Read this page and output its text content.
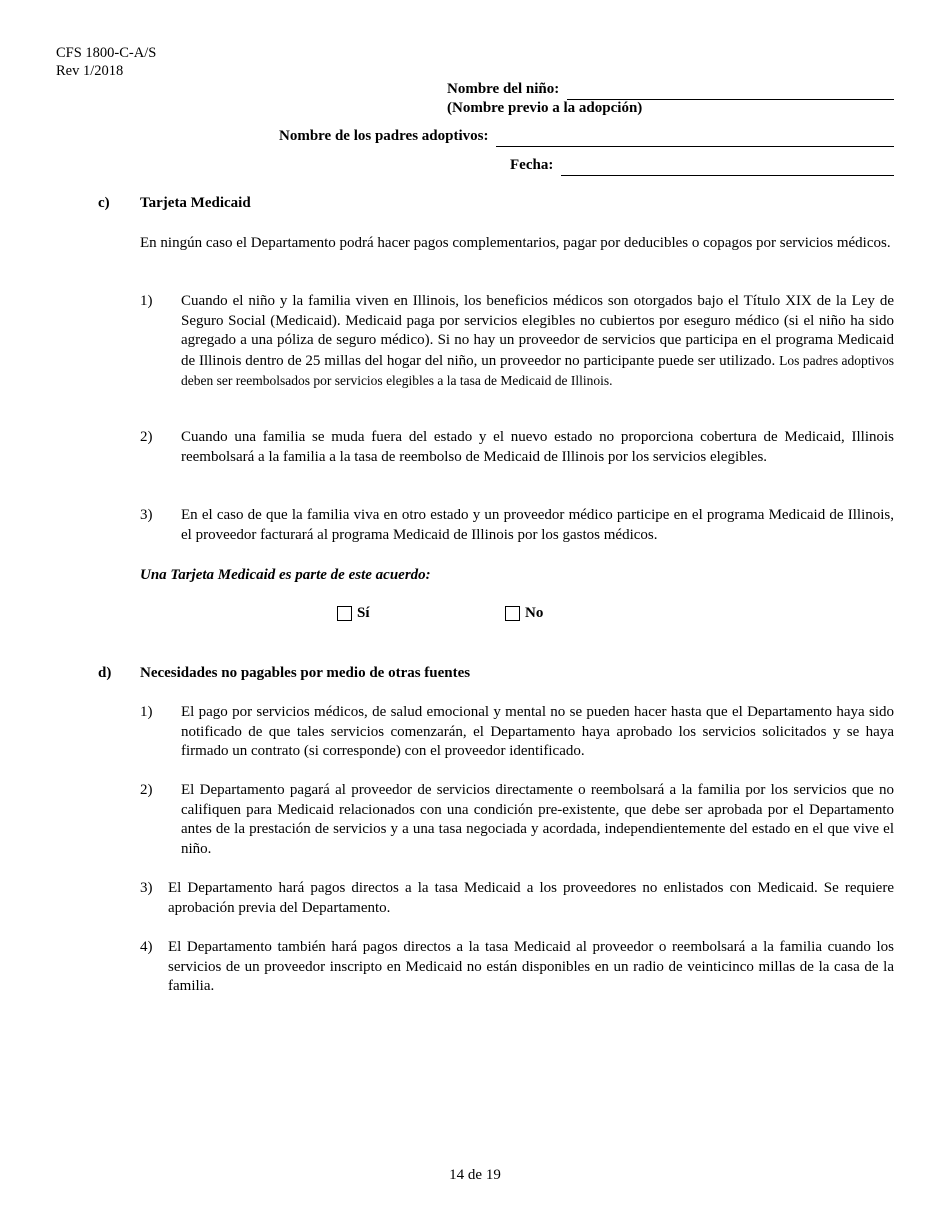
CFS 1800-C-A/S
Rev 1/2018
Nombre del niño:
(Nombre previo a la adopción)
Nombre de los padres adoptivos:
Fecha:
c) Tarjeta Medicaid
En ningún caso el Departamento podrá hacer pagos complementarios, pagar por deducibles o copagos por servicios médicos.
1) Cuando el niño y la familia viven en Illinois, los beneficios médicos son otorgados bajo el Título XIX de la Ley de Seguro Social (Medicaid). Medicaid paga por servicios elegibles no cubiertos por eseguro médico (si el niño ha sido agregado a una póliza de seguro médico). Si no hay un proveedor de servicios que participa en el programa Medicaid de Illinois dentro de 25 millas del hogar del niño, un proveedor no participante puede ser utilizado. Los padres adoptivos deben ser reembolsados por servicios elegibles a la tasa de Medicaid de Illinois.
2) Cuando una familia se muda fuera del estado y el nuevo estado no proporciona cobertura de Medicaid, Illinois reembolsará a la familia a la tasa de reembolso de Medicaid de Illinois por los servicios elegibles.
3) En el caso de que la familia viva en otro estado y un proveedor médico participe en el programa Medicaid de Illinois, el proveedor facturará al programa Medicaid de Illinois por los gastos médicos.
Una Tarjeta Medicaid es parte de este acuerdo:
Sí	No
d) Necesidades no pagables por medio de otras fuentes
1) El pago por servicios médicos, de salud emocional y mental no se pueden hacer hasta que el Departamento haya sido notificado de que tales servicios comenzarán, el Departamento haya aprobado los servicios solicitados y se haya firmado un contrato (si corresponde) con el proveedor identificado.
2) El Departamento pagará al proveedor de servicios directamente o reembolsará a la familia por los servicios que no califiquen para Medicaid relacionados con una condición pre-existente, que debe ser aprobada por el Departamento antes de la prestación de servicios y a una tasa negociada y acordada, independientemente del estado en el que vive el niño.
3) El Departamento hará pagos directos a la tasa Medicaid a los proveedores no enlistados con Medicaid. Se requiere aprobación previa del Departamento.
4) El Departamento también hará pagos directos a la tasa Medicaid al proveedor o reembolsará a la familia cuando los servicios de un proveedor inscripto en Medicaid no están disponibles en un radio de veinticinco millas de la casa de la familia.
14 de 19
